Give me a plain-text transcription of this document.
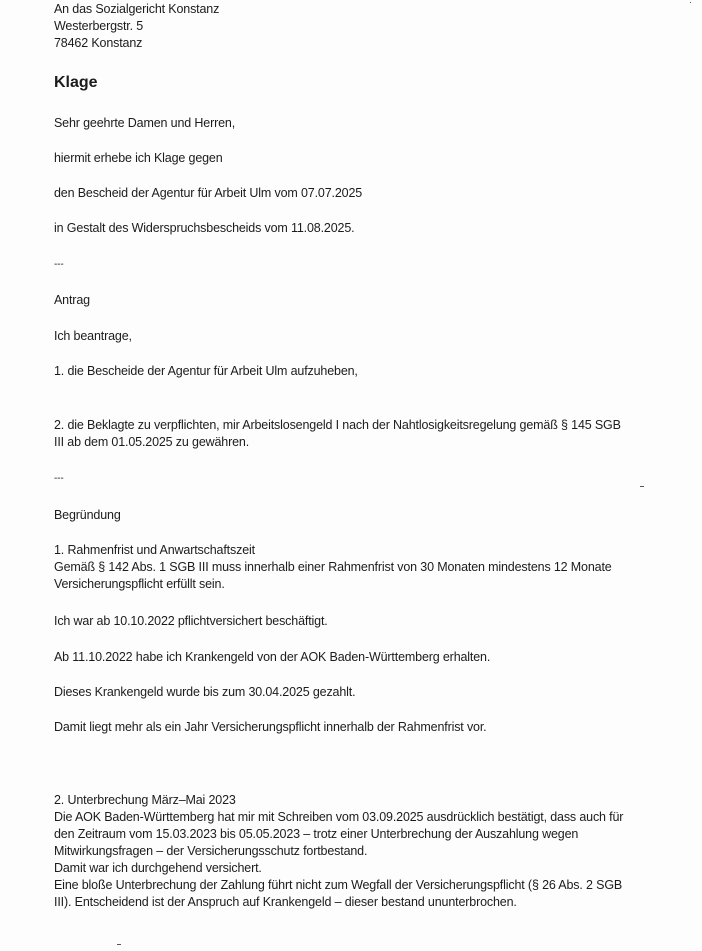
An das Sozialgericht Konstanz
Westerbergstr. 5
78462 Konstanz
Klage
Sehr geehrte Damen und Herren,
hiermit erhebe ich Klage gegen
den Bescheid der Agentur für Arbeit Ulm vom 07.07.2025
in Gestalt des Widerspruchsbescheids vom 11.08.2025.
---
Antrag
Ich beantrage,
1. die Bescheide der Agentur für Arbeit Ulm aufzuheben,
2. die Beklagte zu verpflichten, mir Arbeitslosengeld I nach der Nahtlosigkeitsregelung gemäß § 145 SGB
III ab dem 01.05.2025 zu gewähren.
---
Begründung
1. Rahmenfrist und Anwartschaftszeit
Gemäß § 142 Abs. 1 SGB III muss innerhalb einer Rahmenfrist von 30 Monaten mindestens 12 Monate
Versicherungspflicht erfüllt sein.
Ich war ab 10.10.2022 pflichtversichert beschäftigt.
Ab 11.10.2022 habe ich Krankengeld von der AOK Baden-Württemberg erhalten.
Dieses Krankengeld wurde bis zum 30.04.2025 gezahlt.
Damit liegt mehr als ein Jahr Versicherungspflicht innerhalb der Rahmenfrist vor.
2. Unterbrechung März–Mai 2023
Die AOK Baden-Württemberg hat mir mit Schreiben vom 03.09.2025 ausdrücklich bestätigt, dass auch für
den Zeitraum vom 15.03.2023 bis 05.05.2023 – trotz einer Unterbrechung der Auszahlung wegen
Mitwirkungsfragen – der Versicherungsschutz fortbestand.
Damit war ich durchgehend versichert.
Eine bloße Unterbrechung der Zahlung führt nicht zum Wegfall der Versicherungspflicht (§ 26 Abs. 2 SGB
III). Entscheidend ist der Anspruch auf Krankengeld – dieser bestand ununterbrochen.
